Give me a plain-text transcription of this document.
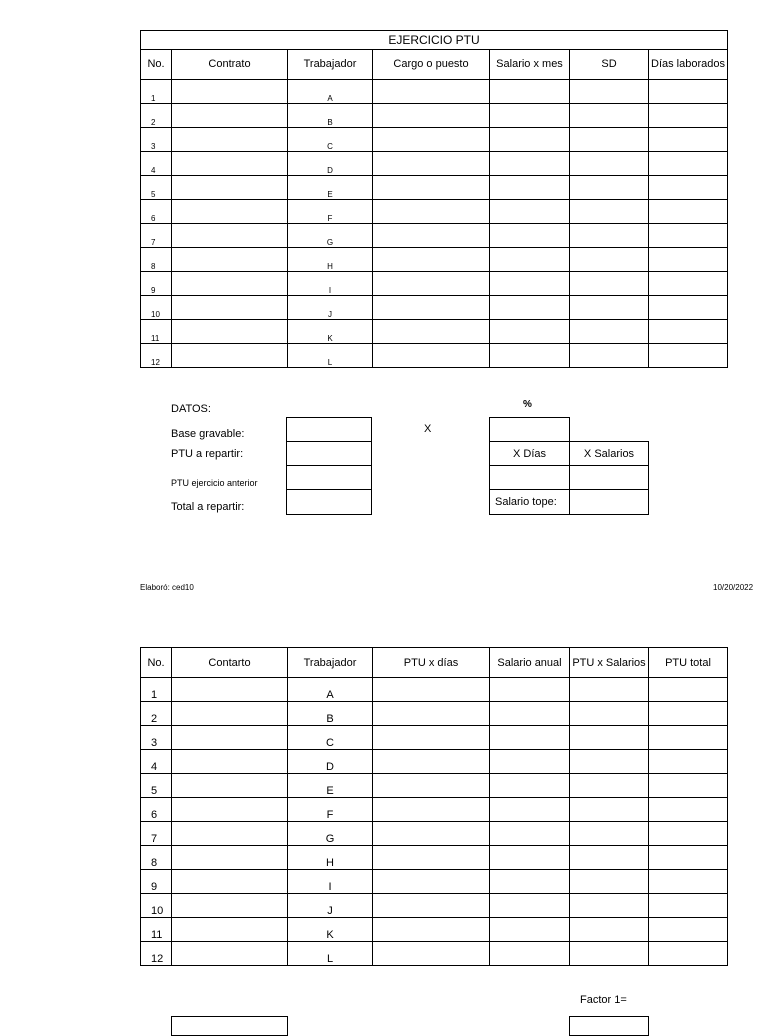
EJERCICIO PTU						
No.	Contrato	Trabajador	Cargo o puesto	Salario x mes	SD	Días laborados
1		A				
2		B				
3		C				
4		D				
5		E				
6		F				
7		G				
8		H				
9		I				
10		J				
11		K				
12		L				
DATOS:
Base gravable:
PTU a repartir:
PTU ejercicio anterior
Total a repartir:
X
%

X Días	X Salarios

Salario tope:	
Elaboró: ced10	10/20/2022
No.	Contarto	Trabajador	PTU x días	Salario anual	PTU x Salarios	PTU total
1		A				
2		B				
3		C				
4		D				
5		E				
6		F				
7		G				
8		H				
9		I				
10		J				
11		K				
12		L				
Factor 1=
